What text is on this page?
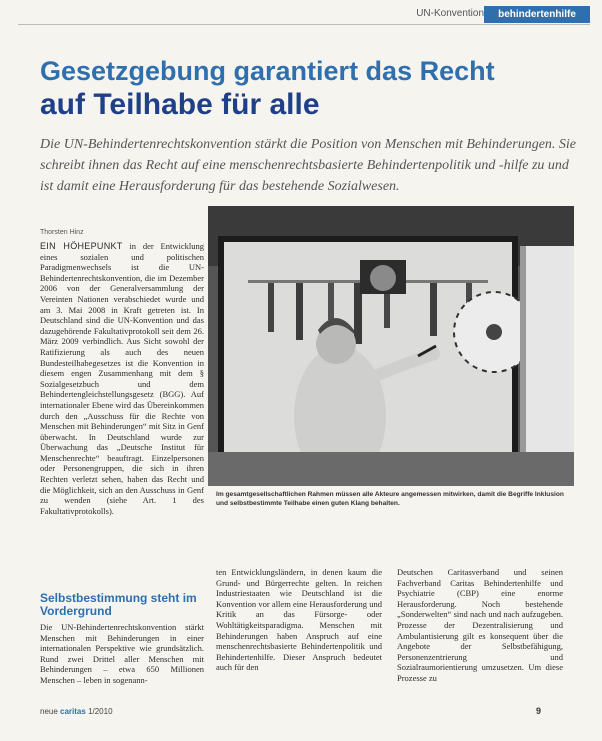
UN-Konvention	behindertenhilfe
Gesetzgebung garantiert das Recht
auf Teilhabe für alle

Die UN-Behindertenrechtskonvention stärkt die Position von Menschen mit Behinderungen. Sie schreibt ihnen das Recht auf eine menschenrechtsbasierte Behindertenpolitik und -hilfe zu und ist damit eine Herausforderung für das bestehende Sozialwesen.

Thorsten Hinz

EIN HÖHEPUNKT in der Entwicklung eines sozialen und politischen Paradigmenwechsels ist die UN-Behindertenrechtskonvention, die im Dezember 2006 von der Generalversammlung der Vereinten Nationen verabschiedet wurde und am 3. Mai 2008 in Kraft getreten ist. In Deutschland sind die UN-Konvention und das dazugehörende Fakultativprotokoll seit dem 26. März 2009 verbindlich. Aus Sicht sowohl der Ratifizierung als auch des neuen Bundesteilhabegesetzes ist die Konvention in diesem engen Zusammenhang mit dem § Sozialgesetzbuch und dem Behindertengleichstellungsgesetz (BGG). Auf internationaler Ebene wird das Übereinkommen durch den „Ausschuss für die Rechte von Menschen mit Behinderungen“ mit Sitz in Genf überwacht. In Deutschland wurde zur Überwachung das „Deutsche Institut für Menschenrechte“ beauftragt. Einzelpersonen oder Personengruppen, die sich in ihren Rechten verletzt sehen, haben das Recht und die Möglichkeit, sich an den Ausschuss in Genf zu wenden (siehe Art. 1 des Fakultativprotokolls).

Selbstbestimmung steht im Vordergrund

Die UN-Behindertenrechtskonvention stärkt Menschen mit Behinderungen in einer internationalen Perspektive wie grundsätzlich. Rund zwei Drittel aller Menschen mit Behinderungen – etwa 650 Millionen Menschen – leben in sogenann-

Im gesamtgesellschaftlichen Rahmen müssen alle Akteure angemessen mitwirken, damit die Begriffe Inklusion und selbstbestimmte Teilhabe einen guten Klang behalten.

ten Entwicklungsländern, in denen kaum die Grund- und Bürgerrechte gelten. In reichen Industriestaaten wie Deutschland ist die Konvention vor allem eine Herausforderung und Kritik an das Fürsorge- oder Wohltätigkeitsparadigma. Menschen mit Behinderungen haben Anspruch auf eine menschenrechtsbasierte Behindertenpolitik und Behindertenhilfe. Dieser Anspruch bedeutet auch für den

Deutschen Caritasverband und seinen Fachverband Caritas Behindertenhilfe und Psychiatrie (CBP) eine enorme Herausforderung. Noch bestehende „Sonderwelten“ sind nach und nach aufzugeben. Prozesse der Dezentralisierung und Ambulantisierung gilt es konsequent über die Angebote der Selbstbefähigung, Personenzentrierung und Sozialraumorientierung umzusetzen. Um diese Prozesse zu

neue caritas 1/2010	9
